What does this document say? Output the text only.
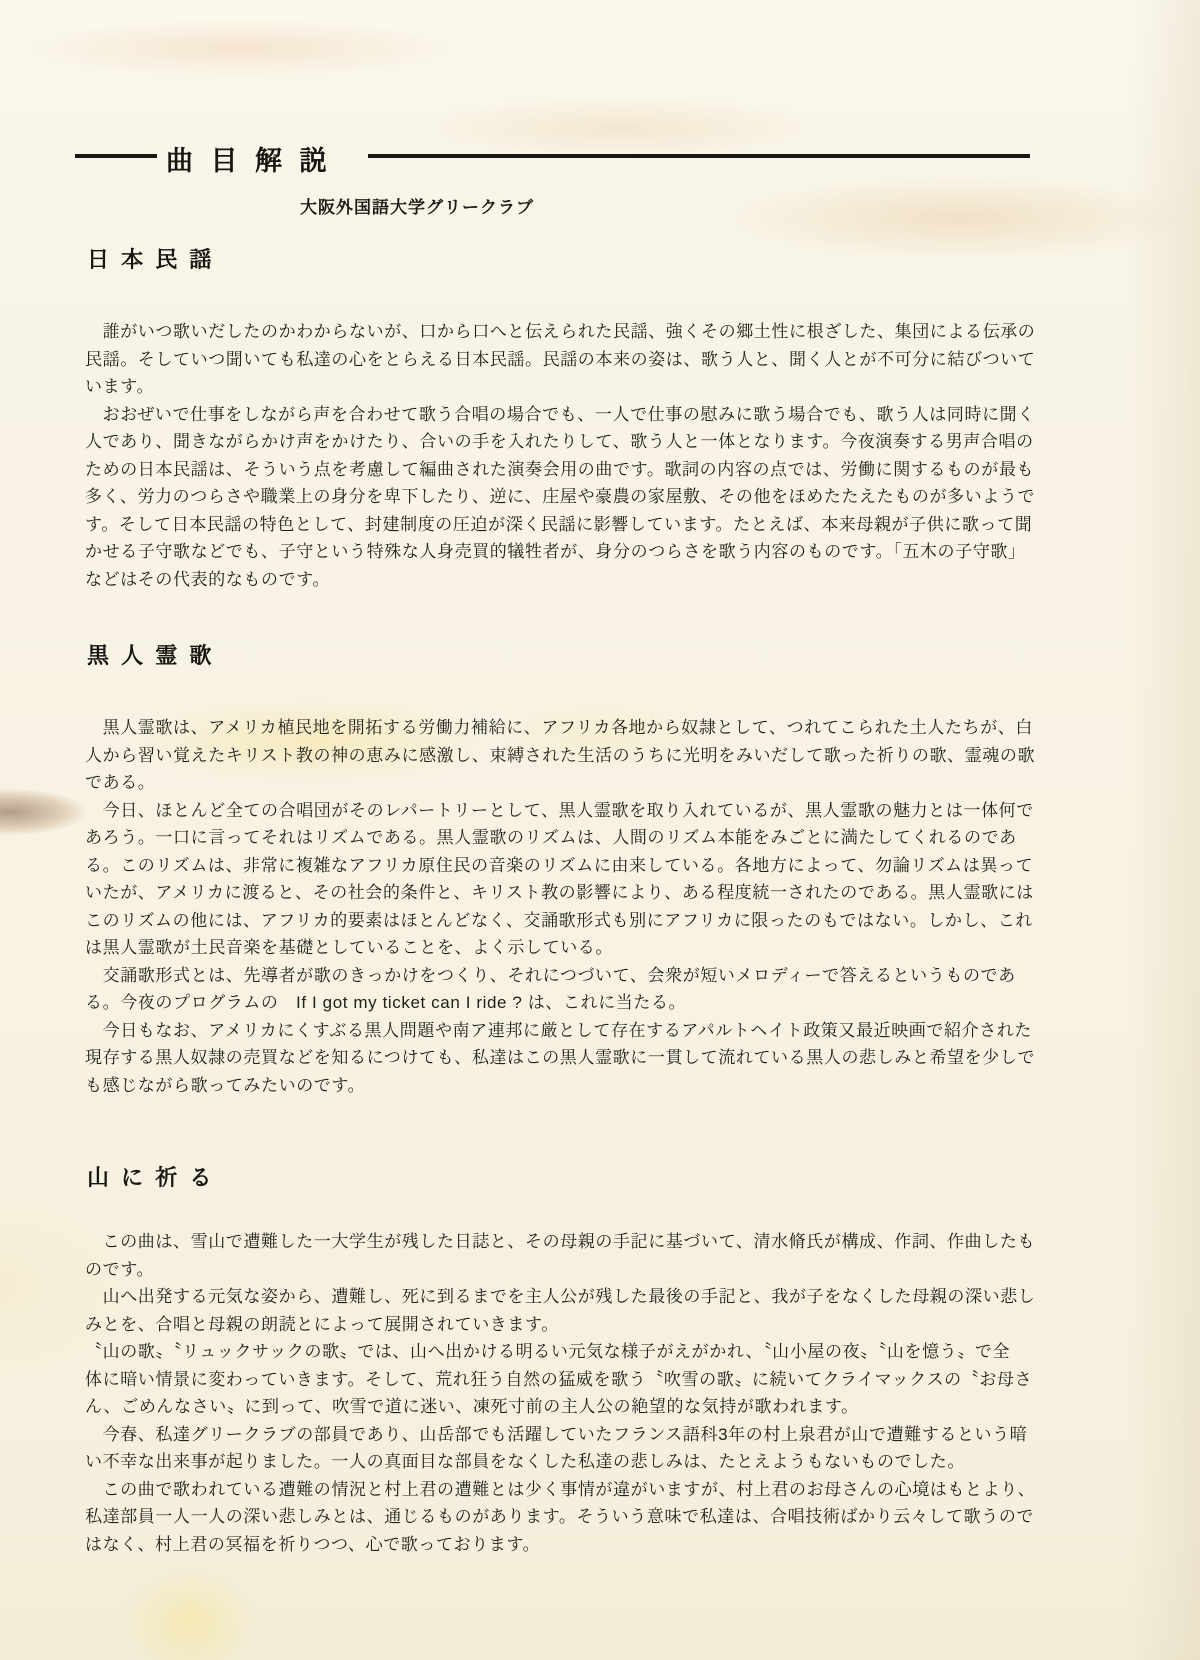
曲 目 解 説

大阪外国語大学グリークラブ

日 本 民 謡

　誰がいつ歌いだしたのかわからないが、口から口へと伝えられた民謡、強くその郷土性に根ざした、集団による伝承の
民謡。そしていつ聞いても私達の心をとらえる日本民謡。民謡の本来の姿は、歌う人と、聞く人とが不可分に結びついて
います。

　おおぜいで仕事をしながら声を合わせて歌う合唱の場合でも、一人で仕事の慰みに歌う場合でも、歌う人は同時に聞く
人であり、聞きながらかけ声をかけたり、合いの手を入れたりして、歌う人と一体となります。今夜演奏する男声合唱の
ための日本民謡は、そういう点を考慮して編曲された演奏会用の曲です。歌詞の内容の点では、労働に関するものが最も
多く、労力のつらさや職業上の身分を卑下したり、逆に、庄屋や豪農の家屋敷、その他をほめたたえたものが多いようで
す。そして日本民謡の特色として、封建制度の圧迫が深く民謡に影響しています。たとえば、本来母親が子供に歌って聞
かせる子守歌などでも、子守という特殊な人身売買的犠牲者が、身分のつらさを歌う内容のものです。「五木の子守歌」
などはその代表的なものです。

黒 人 霊 歌

　黒人霊歌は、アメリカ植民地を開拓する労働力補給に、アフリカ各地から奴隷として、つれてこられた土人たちが、白
人から習い覚えたキリスト教の神の恵みに感激し、束縛された生活のうちに光明をみいだして歌った祈りの歌、霊魂の歌
である。

　今日、ほとんど全ての合唱団がそのレパートリーとして、黒人霊歌を取り入れているが、黒人霊歌の魅力とは一体何で
あろう。一口に言ってそれはリズムである。黒人霊歌のリズムは、人間のリズム本能をみごとに満たしてくれるのであ
る。このリズムは、非常に複雑なアフリカ原住民の音楽のリズムに由来している。各地方によって、勿論リズムは異って
いたが、アメリカに渡ると、その社会的条件と、キリスト教の影響により、ある程度統一されたのである。黒人霊歌には
このリズムの他には、アフリカ的要素はほとんどなく、交誦歌形式も別にアフリカに限ったのもではない。しかし、これ
は黒人霊歌が土民音楽を基礎としていることを、よく示している。

　交誦歌形式とは、先導者が歌のきっかけをつくり、それにつづいて、会衆が短いメロディーで答えるというものであ
る。今夜のプログラムの　If I got my ticket can I ride ? は、これに当たる。

　今日もなお、アメリカにくすぶる黒人問題や南ア連邦に厳として存在するアパルトヘイト政策又最近映画で紹介された
現存する黒人奴隷の売買などを知るにつけても、私達はこの黒人霊歌に一貫して流れている黒人の悲しみと希望を少しで
も感じながら歌ってみたいのです。

山 に 祈 る

　この曲は、雪山で遭難した一大学生が残した日誌と、その母親の手記に基づいて、清水脩氏が構成、作詞、作曲したも
のです。

　山へ出発する元気な姿から、遭難し、死に到るまでを主人公が残した最後の手記と、我が子をなくした母親の深い悲し
みとを、合唱と母親の朗読とによって展開されていきます。

〝山の歌〟〝リュックサックの歌〟では、山へ出かける明るい元気な様子がえがかれ、〝山小屋の夜〟〝山を憶う〟で全
体に暗い情景に変わっていきます。そして、荒れ狂う自然の猛威を歌う〝吹雪の歌〟に続いてクライマックスの〝お母さ
ん、ごめんなさい〟に到って、吹雪で道に迷い、凍死寸前の主人公の絶望的な気持が歌われます。

　今春、私達グリークラブの部員であり、山岳部でも活躍していたフランス語科3年の村上泉君が山で遭難するという暗
い不幸な出来事が起りました。一人の真面目な部員をなくした私達の悲しみは、たとえようもないものでした。

　この曲で歌われている遭難の情況と村上君の遭難とは少く事情が違がいますが、村上君のお母さんの心境はもとより、
私達部員一人一人の深い悲しみとは、通じるものがあります。そういう意味で私達は、合唱技術ばかり云々して歌うので
はなく、村上君の冥福を祈りつつ、心で歌っております。
